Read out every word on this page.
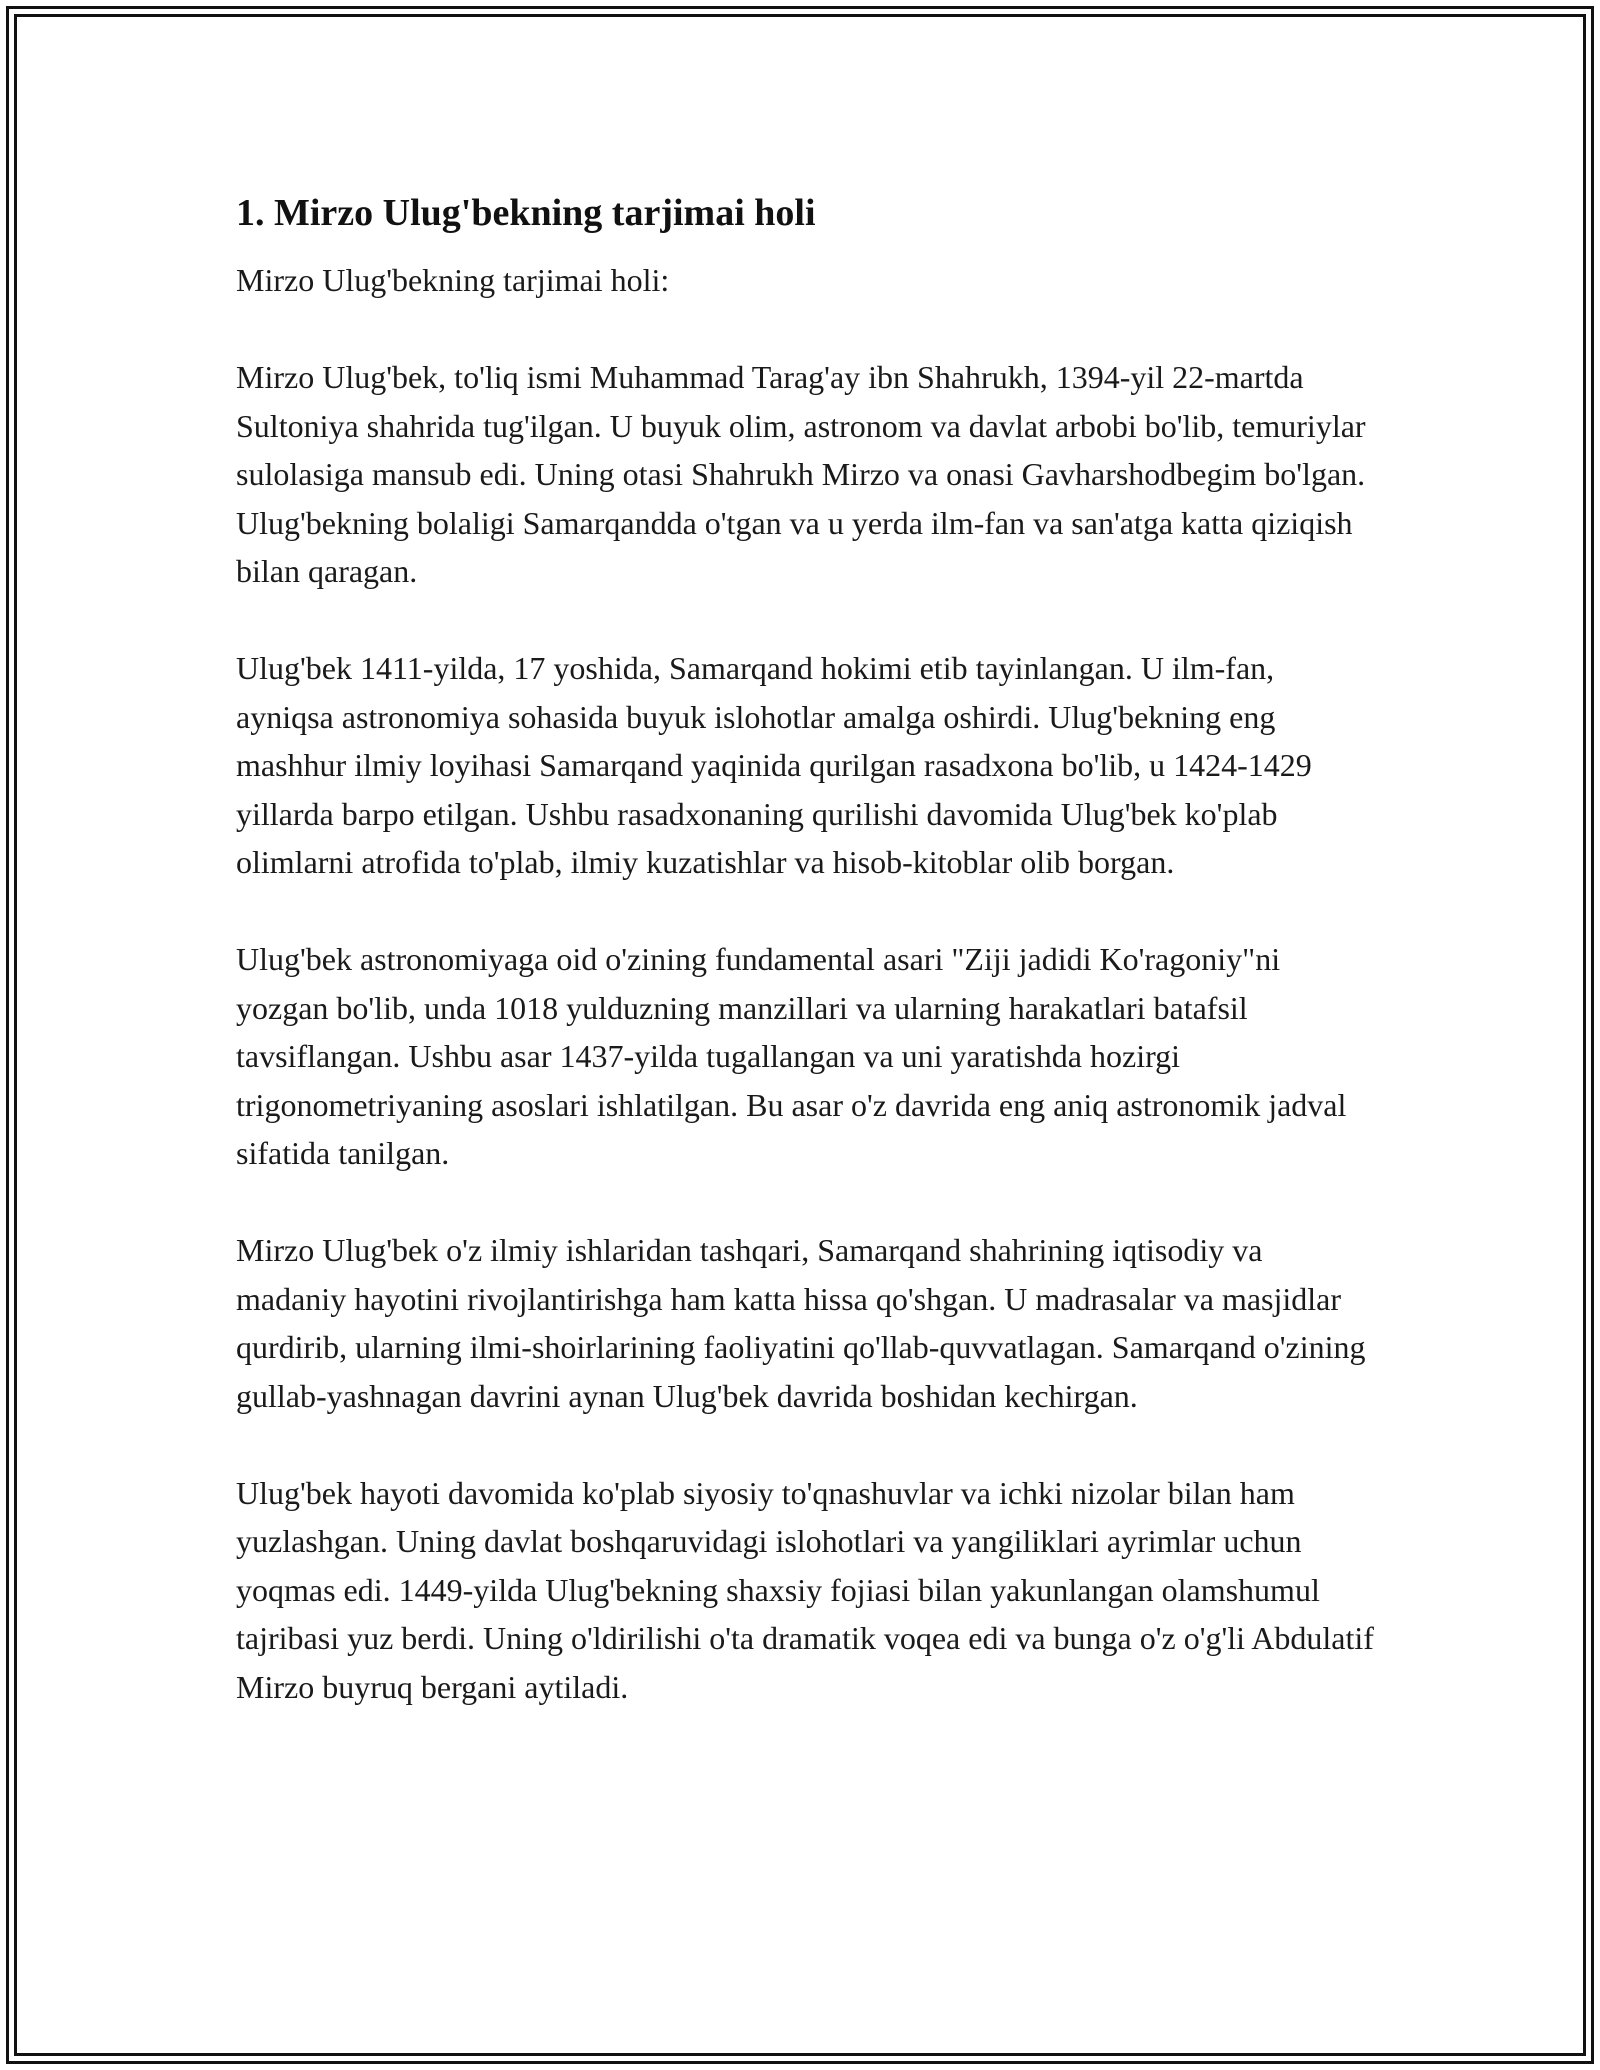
1. Mirzo Ulug'bekning tarjimai holi

Mirzo Ulug'bekning tarjimai holi:

Mirzo Ulug'bek, to'liq ismi Muhammad Tarag'ay ibn Shahrukh, 1394-yil 22-martda Sultoniya shahrida tug'ilgan. U buyuk olim, astronom va davlat arbobi bo'lib, temuriylar sulolasiga mansub edi. Uning otasi Shahrukh Mirzo va onasi Gavharshodbegim bo'lgan. Ulug'bekning bolaligi Samarqandda o'tgan va u yerda ilm-fan va san'atga katta qiziqish bilan qaragan.

Ulug'bek 1411-yilda, 17 yoshida, Samarqand hokimi etib tayinlangan. U ilm-fan, ayniqsa astronomiya sohasida buyuk islohotlar amalga oshirdi. Ulug'bekning eng mashhur ilmiy loyihasi Samarqand yaqinida qurilgan rasadxona bo'lib, u 1424-1429 yillarda barpo etilgan. Ushbu rasadxonaning qurilishi davomida Ulug'bek ko'plab olimlarni atrofida to'plab, ilmiy kuzatishlar va hisob-kitoblar olib borgan.

Ulug'bek astronomiyaga oid o'zining fundamental asari "Ziji jadidi Ko'ragoniy"ni yozgan bo'lib, unda 1018 yulduzning manzillari va ularning harakatlari batafsil tavsiflangan. Ushbu asar 1437-yilda tugallangan va uni yaratishda hozirgi trigonometriyaning asoslari ishlatilgan. Bu asar o'z davrida eng aniq astronomik jadval sifatida tanilgan.

Mirzo Ulug'bek o'z ilmiy ishlaridan tashqari, Samarqand shahrining iqtisodiy va madaniy hayotini rivojlantirishga ham katta hissa qo'shgan. U madrasalar va masjidlar qurdirib, ularning ilmi-shoirlarining faoliyatini qo'llab-quvvatlagan. Samarqand o'zining gullab-yashnagan davrini aynan Ulug'bek davrida boshidan kechirgan.

Ulug'bek hayoti davomida ko'plab siyosiy to'qnashuvlar va ichki nizolar bilan ham yuzlashgan. Uning davlat boshqaruvidagi islohotlari va yangiliklari ayrimlar uchun yoqmas edi. 1449-yilda Ulug'bekning shaxsiy fojiasi bilan yakunlangan olamshumul tajribasi yuz berdi. Uning o'ldirilishi o'ta dramatik voqea edi va bunga o'z o'g'li Abdulatif Mirzo buyruq bergani aytiladi.
